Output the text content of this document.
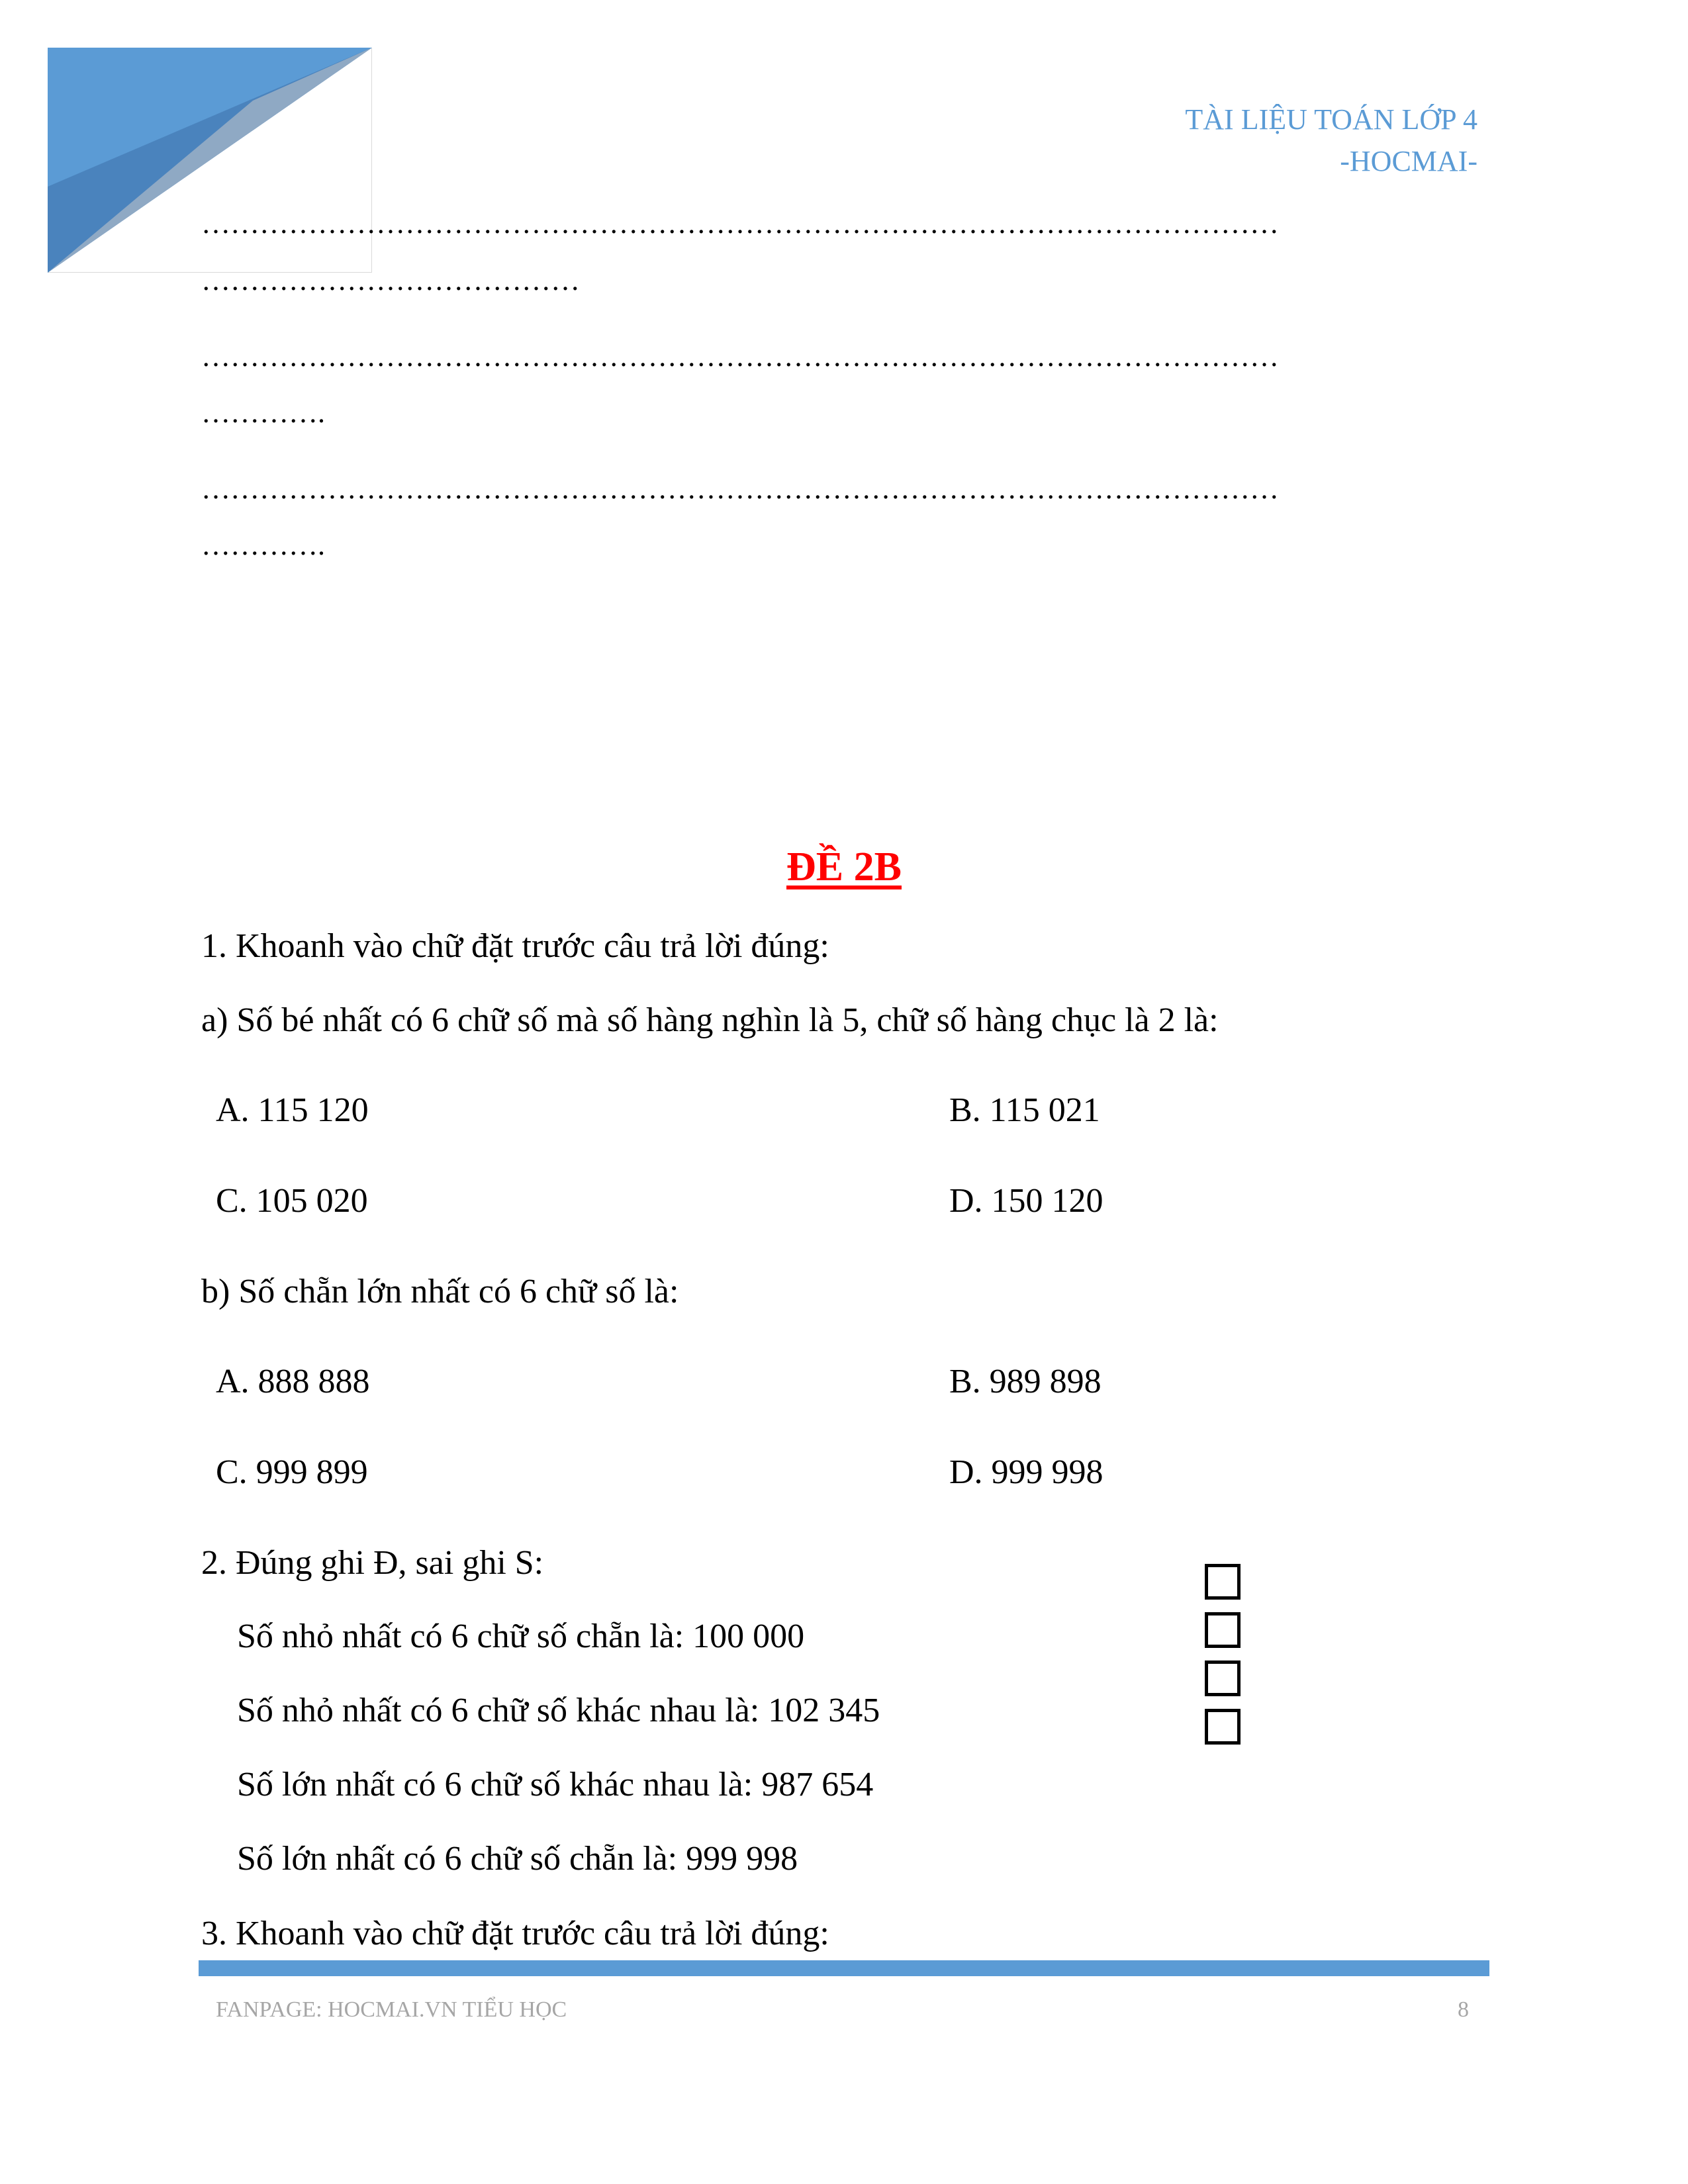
TÀI LIỆU TOÁN LỚP 4
-HOCMAI-
…………………………………………………………………………………………………
…………………………………
…………………………………………………………………………………………………
………….
…………………………………………………………………………………………………
………….
ĐỀ 2B
1. Khoanh vào chữ đặt trước câu trả lời đúng:
a) Số bé nhất có 6 chữ số mà số hàng nghìn là 5, chữ số hàng chục là 2 là:
A. 115 120	B. 115 021
C. 105 020	D. 150 120
b) Số chẵn lớn nhất có 6 chữ số là:
A. 888 888	B. 989 898
C. 999 899	D. 999 998
2. Đúng ghi Đ, sai ghi S:
Số nhỏ nhất có 6 chữ số chẵn là: 100 000
Số nhỏ nhất có 6 chữ số khác nhau là: 102 345
Số lớn nhất có 6 chữ số khác nhau là: 987 654
Số lớn nhất có 6 chữ số chẵn là: 999 998
3. Khoanh vào chữ đặt trước câu trả lời đúng:
FANPAGE: HOCMAI.VN TIỂU HỌC	8
